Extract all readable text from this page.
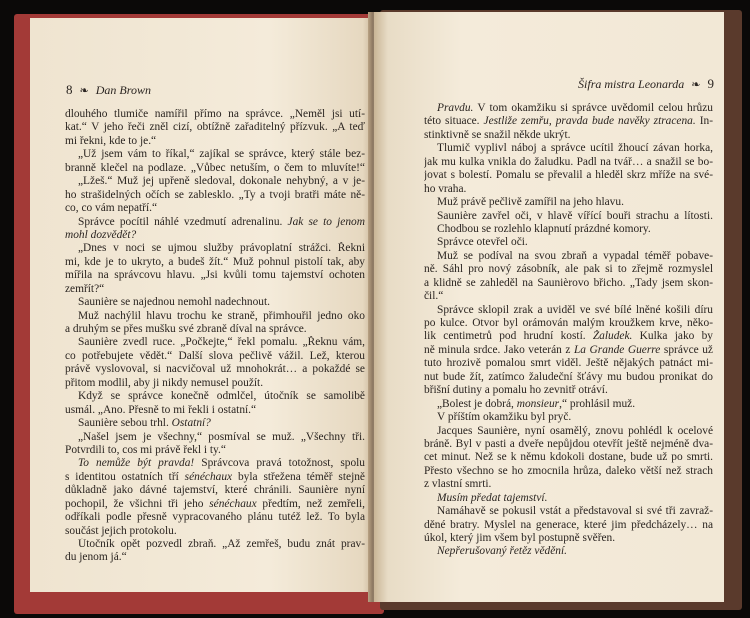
8 ❧ Dan Brown
dlouhého tlumiče namířil přímo na správce. „Neměl jsi utí-
kat.“ V jeho řeči zněl cizí, obtížně zařaditelný přízvuk. „A teď
mi řekni, kde to je.“
„Už jsem vám to říkal,“ zajíkal se správce, který stále bez-
branně klečel na podlaze. „Vůbec netuším, o čem to mluvíte!“
„Lžeš.“ Muž jej upřeně sledoval, dokonale nehybný, a v je-
ho strašidelných očích se zablesklo. „Ty a tvoji bratři máte ně-
co, co vám nepatří.“
Správce pocítil náhlé vzedmutí adrenalinu. Jak se to jenom
mohl dozvědět?
„Dnes v noci se ujmou služby právoplatní strážci. Řekni
mi, kde je to ukryto, a budeš žít.“ Muž pohnul pistolí tak, aby
mířila na správcovu hlavu. „Jsi kvůli tomu tajemství ochoten
zemřít?“
Saunière se najednou nemohl nadechnout.
Muž nachýlil hlavu trochu ke straně, přimhouřil jedno oko
a druhým se přes mušku své zbraně díval na správce.
Saunière zvedl ruce. „Počkejte,“ řekl pomalu. „Řeknu vám,
co potřebujete vědět.“ Další slova pečlivě vážil. Lež, kterou
právě vyslovoval, si nacvičoval už mnohokrát… a pokaždé se
přitom modlil, aby ji nikdy nemusel použít.
Když se správce konečně odmlčel, útočník se samolibě
usmál. „Ano. Přesně to mi řekli i ostatní.“
Saunière sebou trhl. Ostatní?
„Našel jsem je všechny,“ posmíval se muž. „Všechny tři.
Potvrdili to, cos mi právě řekl i ty.“
To nemůže být pravda! Správcova pravá totožnost, spolu
s identitou ostatních tří sénéchaux byla střežena téměř stejně
důkladně jako dávné tajemství, které chránili. Saunière nyní
pochopil, že všichni tři jeho sénéchaux předtím, než zemřeli,
odříkali podle přesně vypracovaného plánu tutéž lež. To byla
součást jejich protokolu.
Útočník opět pozvedl zbraň. „Až zemřeš, budu znát prav-
du jenom já.“
Šifra mistra Leonarda ❧ 9
Pravdu. V tom okamžiku si správce uvědomil celou hrůzu
této situace. Jestliže zemřu, pravda bude navěky ztracena. In-
stinktivně se snažil někde ukrýt.
Tlumič vyplivl náboj a správce ucítil žhoucí závan horka,
jak mu kulka vnikla do žaludku. Padl na tvář… a snažil se bo-
jovat s bolestí. Pomalu se převalil a hleděl skrz mříže na své-
ho vraha.
Muž právě pečlivě zamířil na jeho hlavu.
Saunière zavřel oči, v hlavě vířící bouři strachu a lítosti.
Chodbou se rozlehlo klapnutí prázdné komory.
Správce otevřel oči.
Muž se podíval na svou zbraň a vypadal téměř pobave-
ně. Sáhl pro nový zásobník, ale pak si to zřejmě rozmyslel
a klidně se zahleděl na Saunièrovo břicho. „Tady jsem skon-
čil.“
Správce sklopil zrak a uviděl ve své bílé lněné košili díru
po kulce. Otvor byl orámován malým kroužkem krve, něko-
lik centimetrů pod hrudní kostí. Žaludek. Kulka jako by
ně minula srdce. Jako veterán z La Grande Guerre správce už
tuto hrozivě pomalou smrt viděl. Ještě nějakých patnáct mi-
nut bude žít, zatímco žaludeční šťávy mu budou pronikat do
břišní dutiny a pomalu ho zevnitř otráví.
„Bolest je dobrá, monsieur,“ prohlásil muž.
V příštím okamžiku byl pryč.
Jacques Saunière, nyní osamělý, znovu pohlédl k ocelové
bráně. Byl v pasti a dveře nepůjdou otevřít ještě nejméně dva-
cet minut. Než se k němu kdokoli dostane, bude už po smrti.
Přesto všechno se ho zmocnila hrůza, daleko větší než strach
z vlastní smrti.
Musím předat tajemství.
Namáhavě se pokusil vstát a představoval si své tři zavraž-
děné bratry. Myslel na generace, které jim předcházely… na
úkol, který jim všem byl postupně svěřen.
Nepřerušovaný řetěz vědění.
